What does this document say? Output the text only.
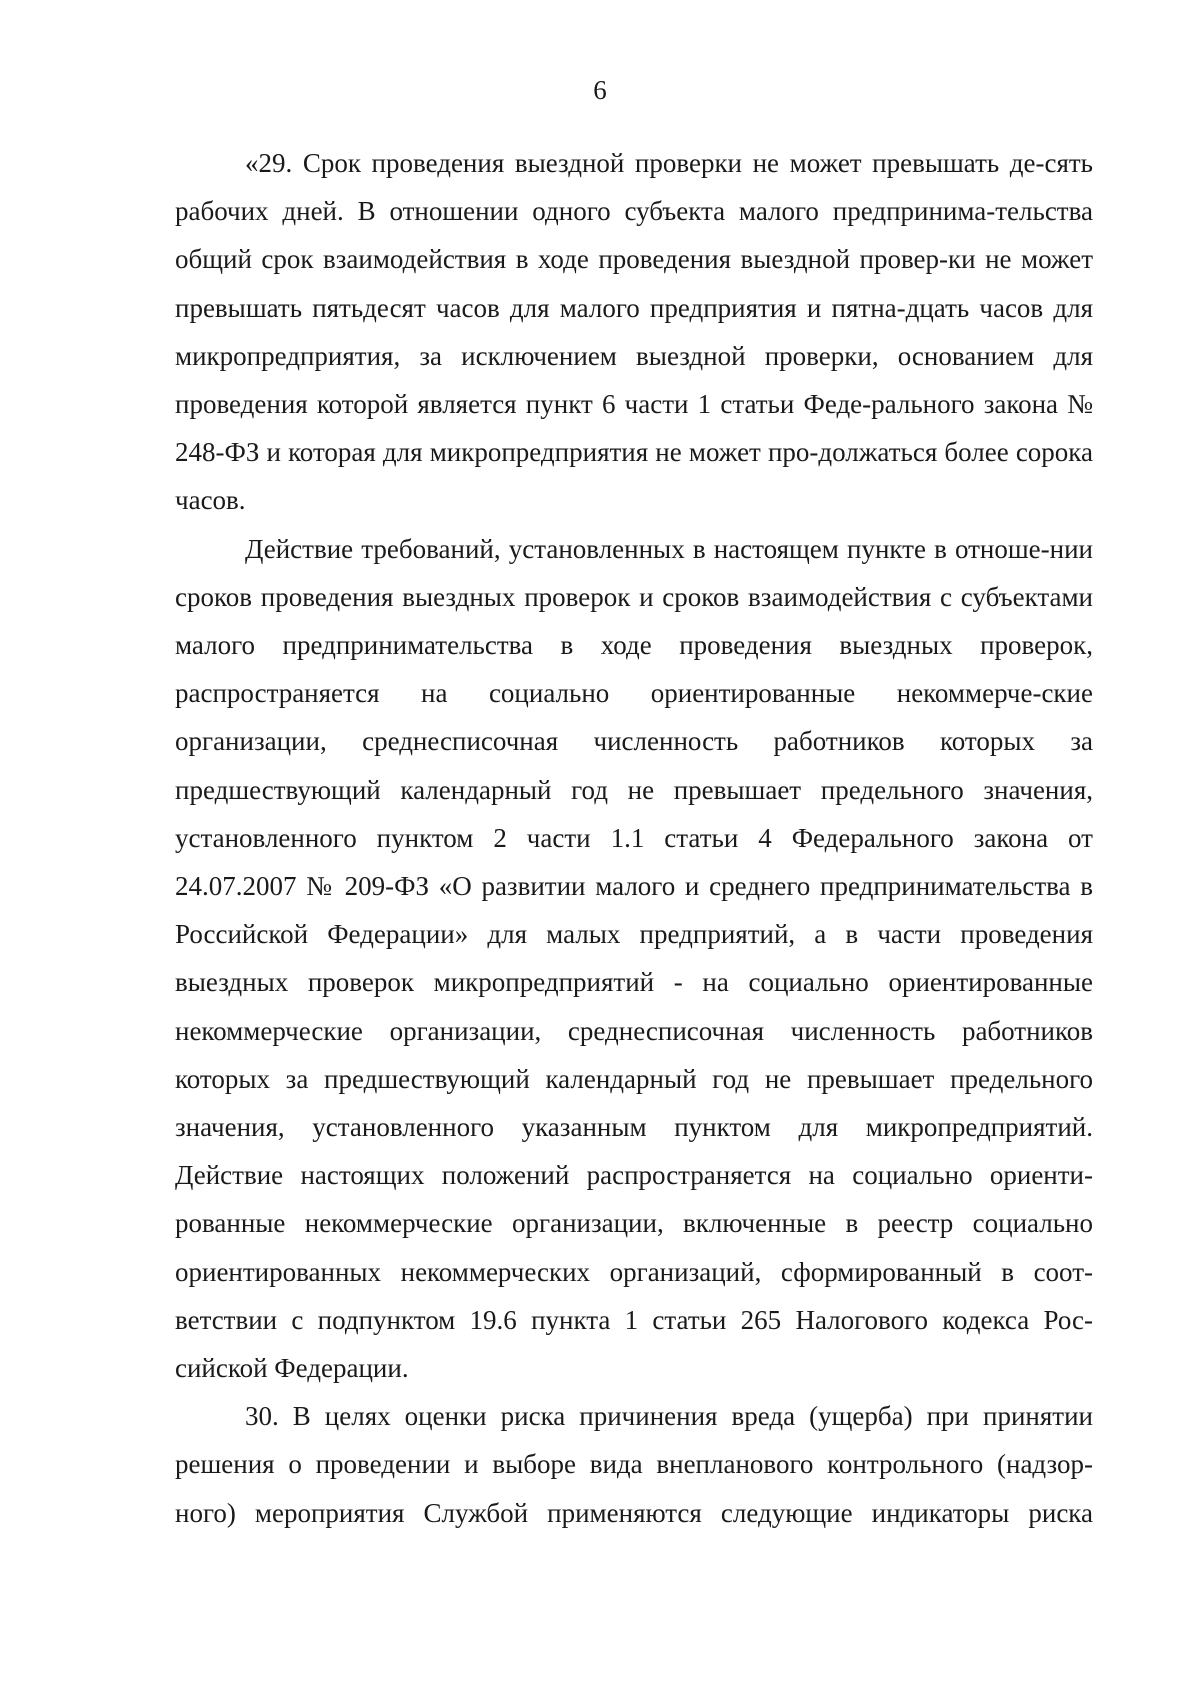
6

«29. Срок проведения выездной проверки не может превышать де-сять рабочих дней. В отношении одного субъекта малого предпринима-тельства общий срок взаимодействия в ходе проведения выездной провер-ки не может превышать пятьдесят часов для малого предприятия и пятна-дцать часов для микропредприятия, за исключением выездной проверки, основанием для проведения которой является пункт 6 части 1 статьи Феде-рального закона № 248-ФЗ и которая для микропредприятия не может про-должаться более сорока часов.

Действие требований, установленных в настоящем пункте в отноше-нии сроков проведения выездных проверок и сроков взаимодействия с субъектами малого предпринимательства в ходе проведения выездных проверок, распространяется на социально ориентированные некоммерче-ские организации, среднесписочная численность работников которых за предшествующий календарный год не превышает предельного значения, установленного пунктом 2 части 1.1 статьи 4 Федерального закона от 24.07.2007 № 209-ФЗ «О развитии малого и среднего предпринимательства в Российской Федерации» для малых предприятий, а в части проведения выездных проверок микропредприятий - на социально ориентированные некоммерческие организации, среднесписочная численность работников которых за предшествующий календарный год не превышает предельного значения, установленного указанным пунктом для микропредприятий. Действие настоящих положений распространяется на социально ориенти-рованные некоммерческие организации, включенные в реестр социально ориентированных некоммерческих организаций, сформированный в соот-ветствии с подпунктом 19.6 пункта 1 статьи 265 Налогового кодекса Рос-сийской Федерации.

30. В целях оценки риска причинения вреда (ущерба) при принятии решения о проведении и выборе вида внепланового контрольного (надзор-ного) мероприятия Службой применяются следующие индикаторы риска
